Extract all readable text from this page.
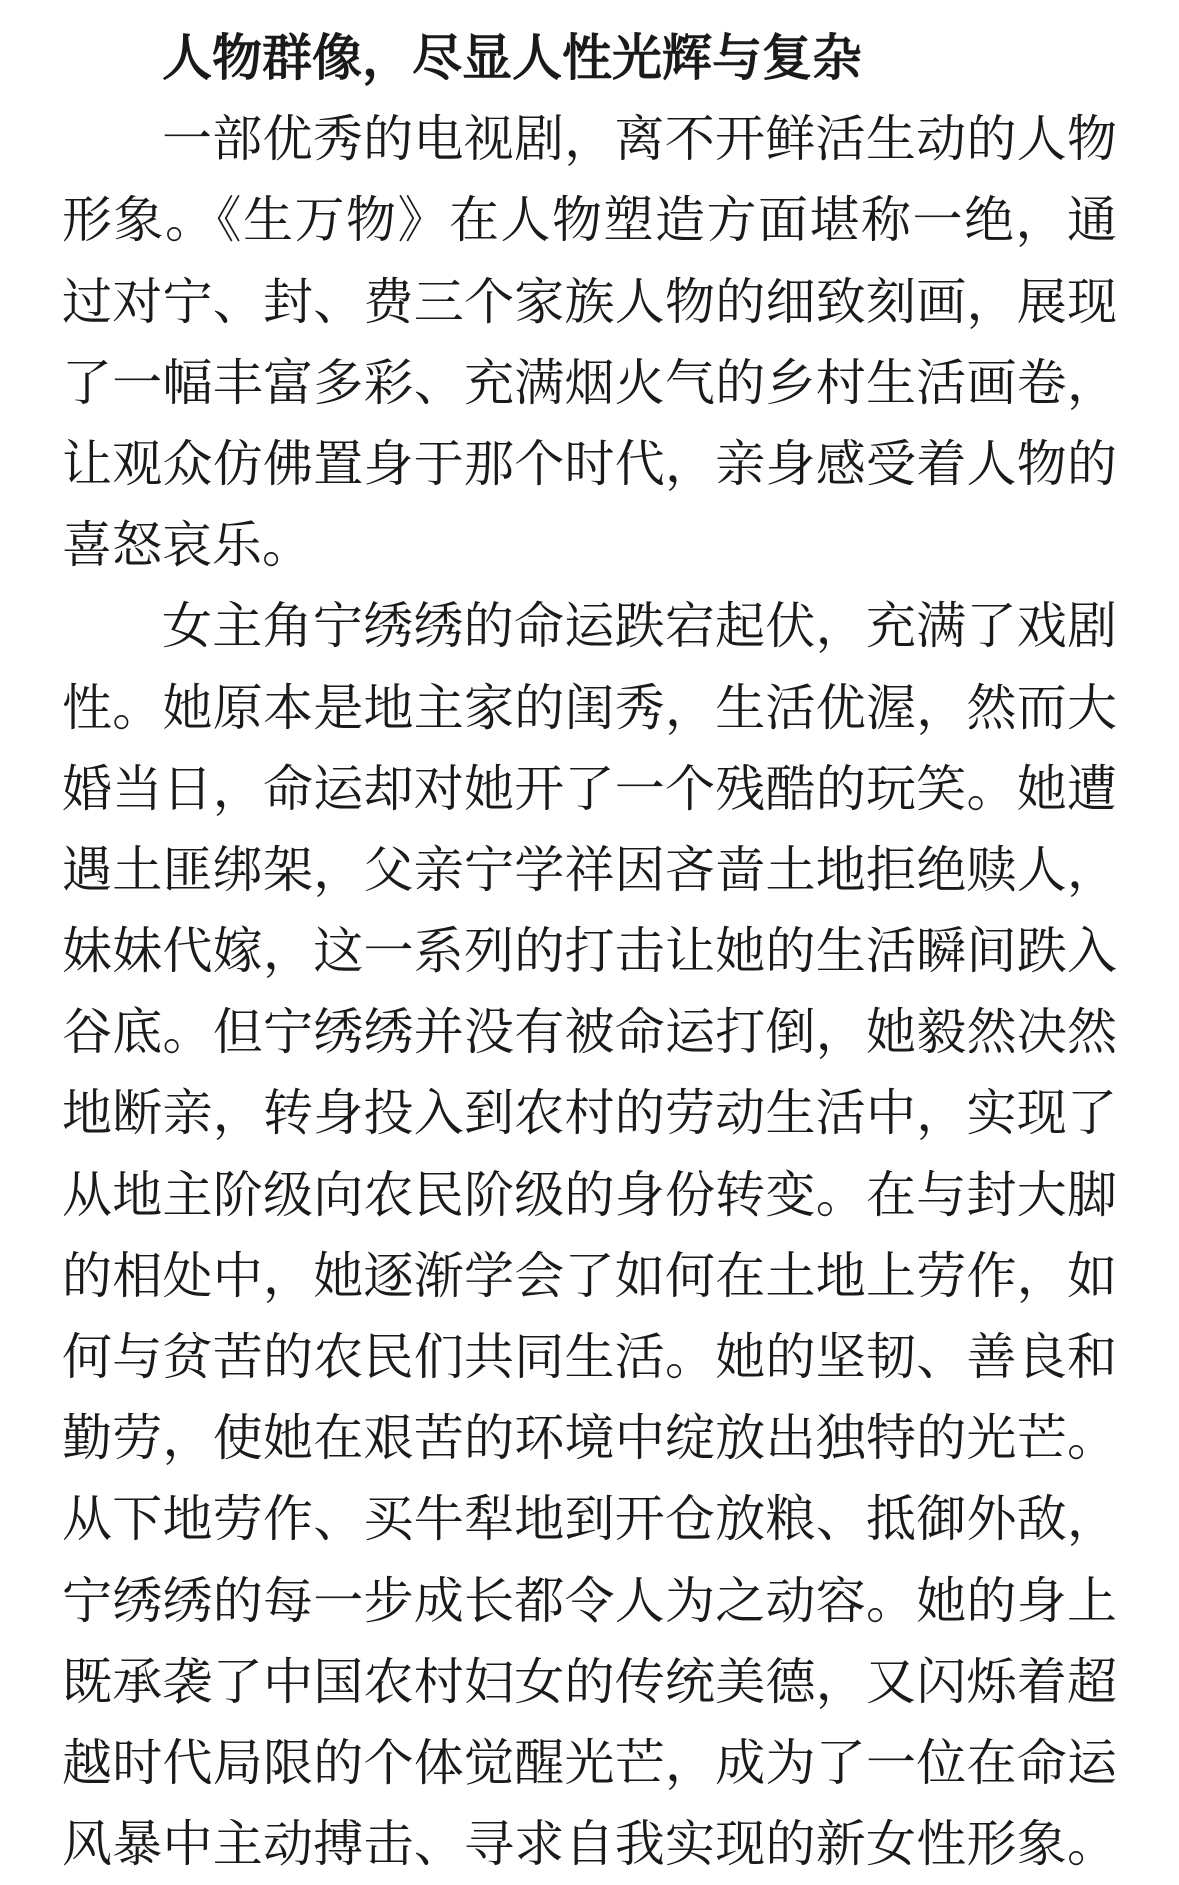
人物群像，尽显人性光辉与复杂
一部优秀的电视剧，离不开鲜活生动的人物
形象。《生万物》在人物塑造方面堪称一绝，通
过对宁、封、费三个家族人物的细致刻画，展现
了一幅丰富多彩、充满烟火气的乡村生活画卷，
让观众仿佛置身于那个时代，亲身感受着人物的
喜怒哀乐。
女主角宁绣绣的命运跌宕起伏，充满了戏剧
性。她原本是地主家的闺秀，生活优渥，然而大
婚当日，命运却对她开了一个残酷的玩笑。她遭
遇土匪绑架，父亲宁学祥因吝啬土地拒绝赎人，
妹妹代嫁，这一系列的打击让她的生活瞬间跌入
谷底。但宁绣绣并没有被命运打倒，她毅然决然
地断亲，转身投入到农村的劳动生活中，实现了
从地主阶级向农民阶级的身份转变。在与封大脚
的相处中，她逐渐学会了如何在土地上劳作，如
何与贫苦的农民们共同生活。她的坚韧、善良和
勤劳，使她在艰苦的环境中绽放出独特的光芒。
从下地劳作、买牛犁地到开仓放粮、抵御外敌，
宁绣绣的每一步成长都令人为之动容。她的身上
既承袭了中国农村妇女的传统美德，又闪烁着超
越时代局限的个体觉醒光芒，成为了一位在命运
风暴中主动搏击、寻求自我实现的新女性形象。
